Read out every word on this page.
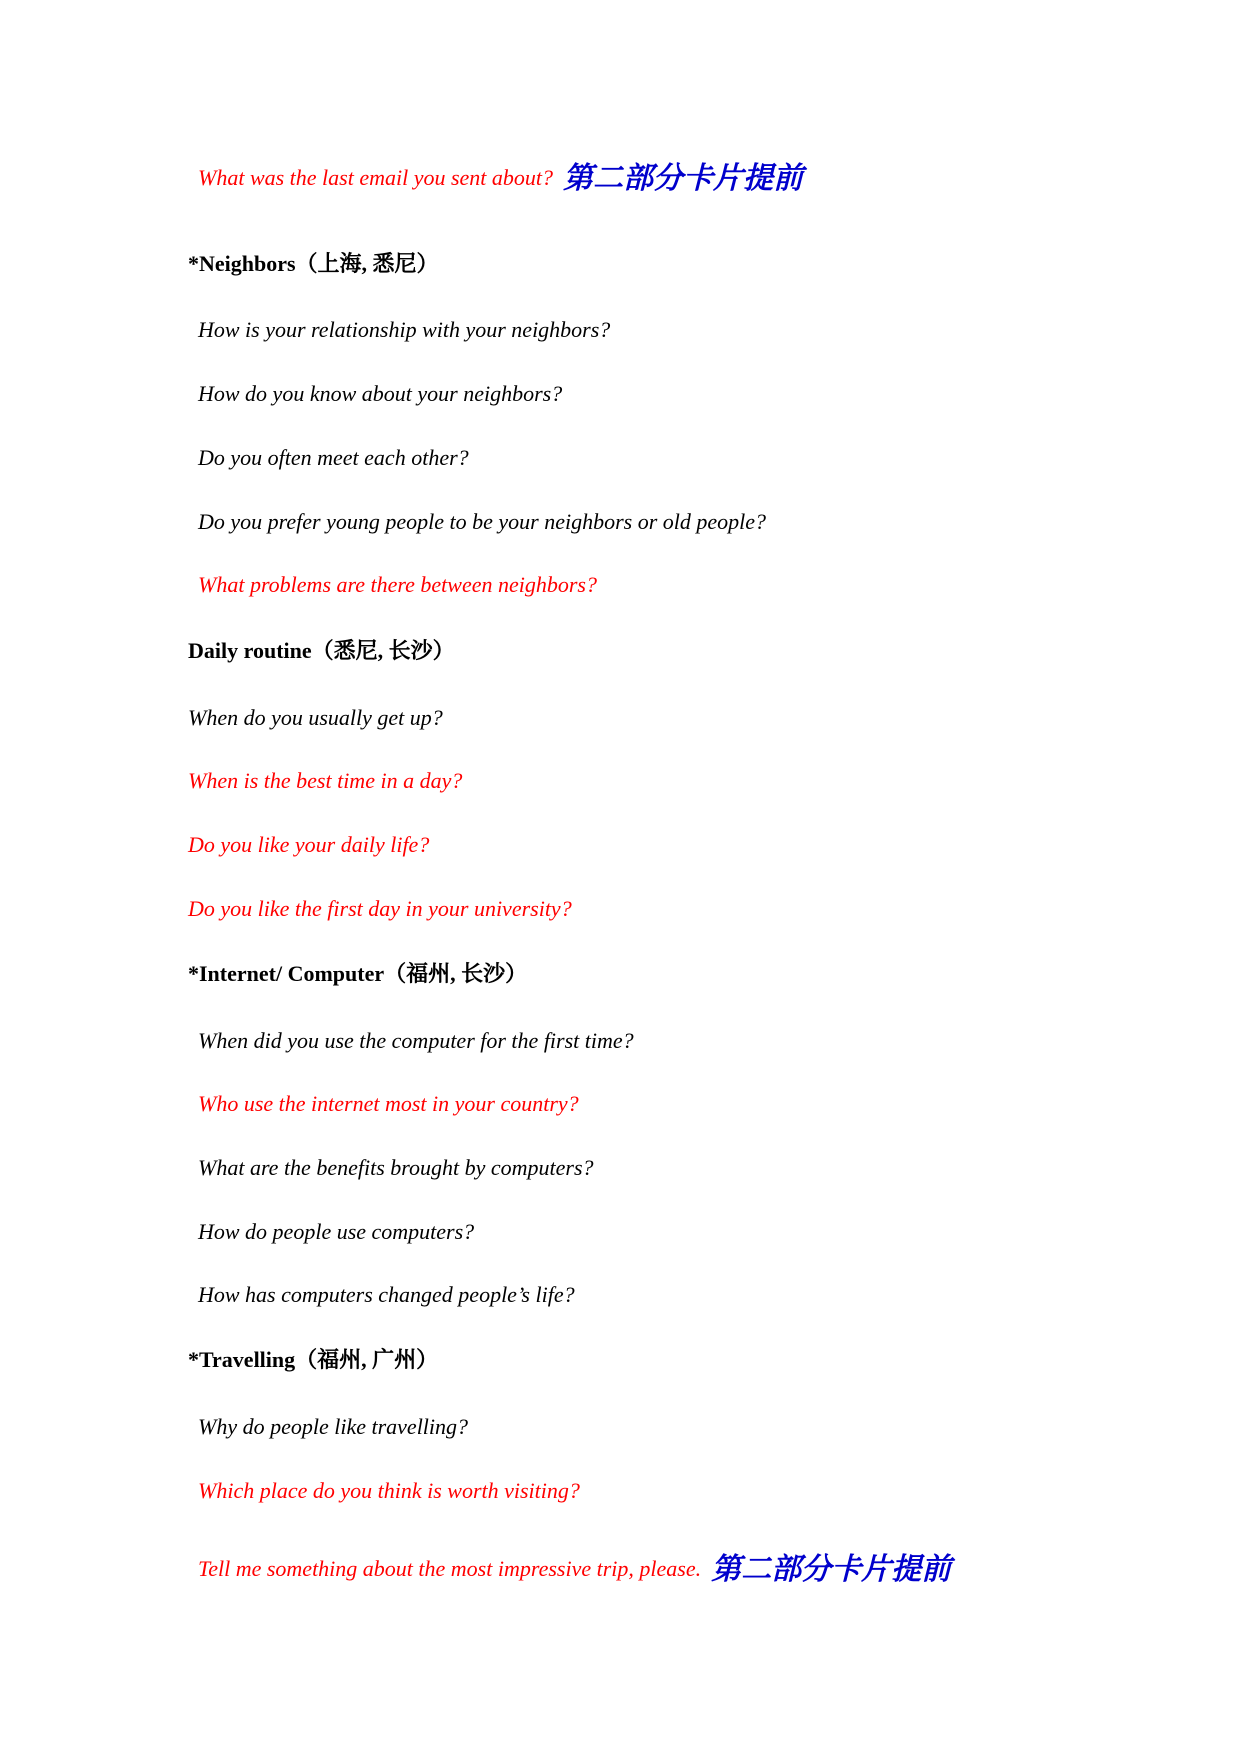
What was the last email you sent about? 第二部分卡片提前
*Neighbors（上海, 悉尼）
How is your relationship with your neighbors?
How do you know about your neighbors?
Do you often meet each other?
Do you prefer young people to be your neighbors or old people?
What problems are there between neighbors?
Daily routine（悉尼, 长沙）
When do you usually get up?
When is the best time in a day?
Do you like your daily life?
Do you like the first day in your university?
*Internet/ Computer（福州, 长沙）
When did you use the computer for the first time?
Who use the internet most in your country?
What are the benefits brought by computers?
How do people use computers?
How has computers changed people’s life?
*Travelling（福州, 广州）
Why do people like travelling?
Which place do you think is worth visiting?
Tell me something about the most impressive trip, please. 第二部分卡片提前
